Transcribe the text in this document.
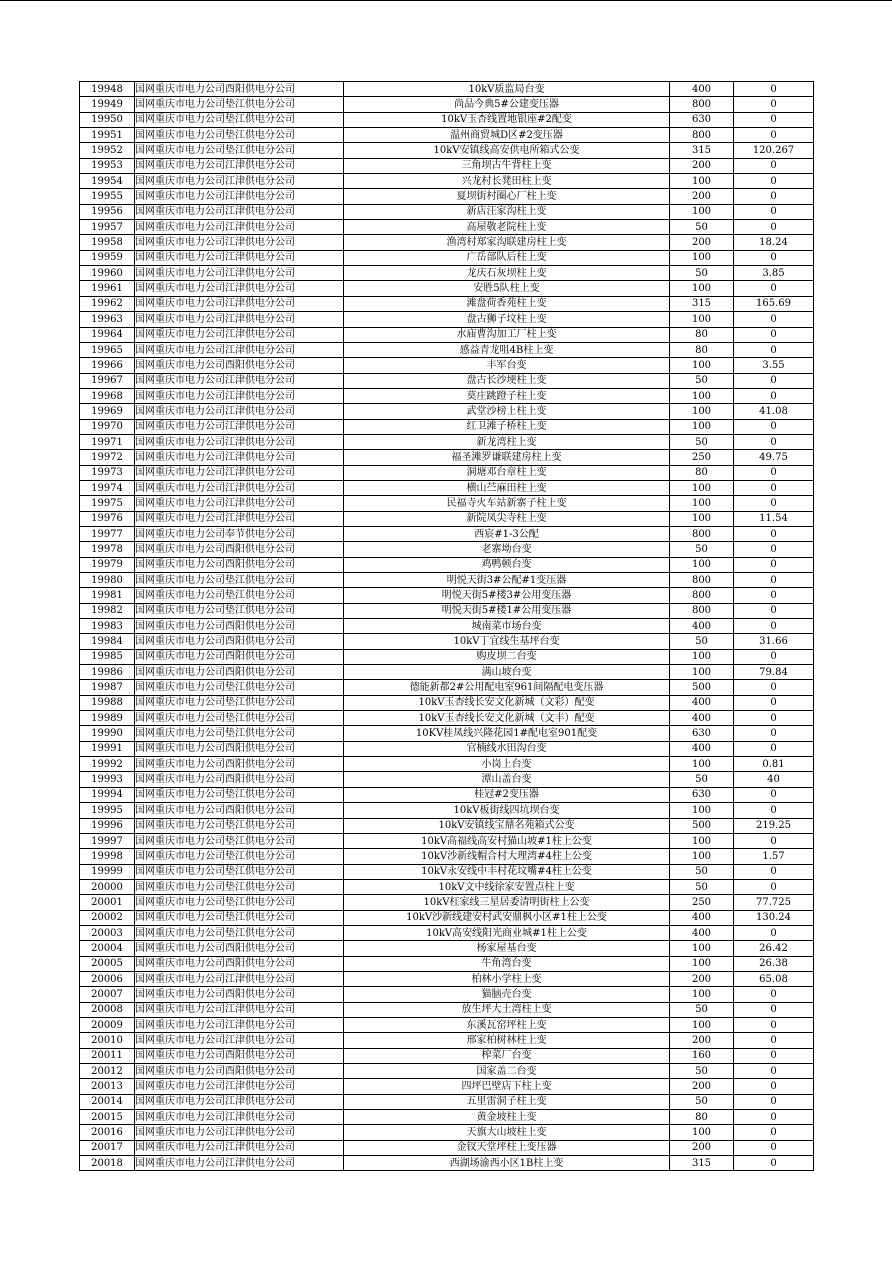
19948	国网重庆市电力公司酉阳供电分公司	10kV质监局台变	400	0
19949	国网重庆市电力公司垫江供电分公司	尚品今典5#公建变压器	800	0
19950	国网重庆市电力公司垫江供电分公司	10kV玉杏线置地银座#2配变	630	0
19951	国网重庆市电力公司垫江供电分公司	温州商贸城D区#2变压器	800	0
19952	国网重庆市电力公司垫江供电分公司	10kV安镇线高安供电所箱式公变	315	120.267
19953	国网重庆市电力公司江津供电分公司	三角坝古牛背柱上变	200	0
19954	国网重庆市电力公司江津供电分公司	兴龙村长凳田柱上变	100	0
19955	国网重庆市电力公司江津供电分公司	夏坝街村圈心厂柱上变	200	0
19956	国网重庆市电力公司江津供电分公司	新店汪家沟柱上变	100	0
19957	国网重庆市电力公司江津供电分公司	高屋敬老院柱上变	50	0
19958	国网重庆市电力公司江津供电分公司	渔湾村郑家沟联建房柱上变	200	18.24
19959	国网重庆市电力公司江津供电分公司	广岳部队后柱上变	100	0
19960	国网重庆市电力公司江津供电分公司	龙庆石灰坝柱上变	50	3.85
19961	国网重庆市电力公司江津供电分公司	安胜5队柱上变	100	0
19962	国网重庆市电力公司江津供电分公司	滩盘荷香苑柱上变	315	165.69
19963	国网重庆市电力公司江津供电分公司	盘古狮子坟柱上变	100	0
19964	国网重庆市电力公司江津供电分公司	水庙曹沟加工厂柱上变	80	0
19965	国网重庆市电力公司江津供电分公司	感益青龙咀4B柱上变	80	0
19966	国网重庆市电力公司酉阳供电分公司	丰军台变	100	3.55
19967	国网重庆市电力公司江津供电分公司	盘古长沙埂柱上变	50	0
19968	国网重庆市电力公司江津供电分公司	莫庄跳蹬子柱上变	100	0
19969	国网重庆市电力公司江津供电分公司	武堂沙榜上柱上变	100	41.08
19970	国网重庆市电力公司江津供电分公司	红卫滩子桥柱上变	100	0
19971	国网重庆市电力公司江津供电分公司	新龙湾柱上变	50	0
19972	国网重庆市电力公司江津供电分公司	福圣滩罗谦联建房柱上变	250	49.75
19973	国网重庆市电力公司江津供电分公司	洞塘邓台章柱上变	80	0
19974	国网重庆市电力公司江津供电分公司	横山苎麻田柱上变	100	0
19975	国网重庆市电力公司江津供电分公司	民福寺火车站新寨子柱上变	100	0
19976	国网重庆市电力公司江津供电分公司	新院凤尖寺柱上变	100	11.54
19977	国网重庆市电力公司奉节供电分公司	西宸#1-3公配	800	0
19978	国网重庆市电力公司酉阳供电分公司	老寨坳台变	50	0
19979	国网重庆市电力公司酉阳供电分公司	鸡鸭顿台变	100	0
19980	国网重庆市电力公司垫江供电分公司	明悦天街3#公配#1变压器	800	0
19981	国网重庆市电力公司垫江供电分公司	明悦天街5#楼3#公用变压器	800	0
19982	国网重庆市电力公司垫江供电分公司	明悦天街5#楼1#公用变压器	800	0
19983	国网重庆市电力公司酉阳供电分公司	城南菜市场台变	400	0
19984	国网重庆市电力公司酉阳供电分公司	10kV丁宜线生基坪台变	50	31.66
19985	国网重庆市电力公司酉阳供电分公司	购皮坝二台变	100	0
19986	国网重庆市电力公司酉阳供电分公司	满山坡台变	100	79.84
19987	国网重庆市电力公司垫江供电分公司	德能新都2#公用配电室961间隔配电变压器	500	0
19988	国网重庆市电力公司垫江供电分公司	10kV玉杏线长安文化新城（文彩）配变	400	0
19989	国网重庆市电力公司垫江供电分公司	10kV玉杏线长安文化新城（文丰）配变	400	0
19990	国网重庆市电力公司垫江供电分公司	10KV桂凤线兴隆花园1#配电室901配变	630	0
19991	国网重庆市电力公司酉阳供电分公司	官楠线水田沟台变	400	0
19992	国网重庆市电力公司酉阳供电分公司	小岗上台变	100	0.81
19993	国网重庆市电力公司酉阳供电分公司	潭山盖台变	50	40
19994	国网重庆市电力公司垫江供电分公司	桂冠#2变压器	630	0
19995	国网重庆市电力公司酉阳供电分公司	10kV板街线四坑坝台变	100	0
19996	国网重庆市电力公司垫江供电分公司	10kV安镇线宝鼎名苑箱式公变	500	219.25
19997	国网重庆市电力公司垫江供电分公司	10kV高福线高安村猫山坡#1柱上公变	100	0
19998	国网重庆市电力公司垫江供电分公司	10kV沙新线帽合村大理湾#4柱上公变	100	1.57
19999	国网重庆市电力公司垫江供电分公司	10kV永安线中丰村花坟嘴#4柱上公变	50	0
20000	国网重庆市电力公司垫江供电分公司	10kV文中线徐家安置点柱上变	50	0
20001	国网重庆市电力公司垫江供电分公司	10kV杠家线三星居委清明街柱上公变	250	77.725
20002	国网重庆市电力公司垫江供电分公司	10kV沙新线建安村武安鼎枫小区#1柱上公变	400	130.24
20003	国网重庆市电力公司垫江供电分公司	10kV高安线阳光商业城#1柱上公变	400	0
20004	国网重庆市电力公司酉阳供电分公司	杨家屋基台变	100	26.42
20005	国网重庆市电力公司酉阳供电分公司	牛角湾台变	100	26.38
20006	国网重庆市电力公司江津供电分公司	柏林小学柱上变	200	65.08
20007	国网重庆市电力公司酉阳供电分公司	猫脑壳台变	100	0
20008	国网重庆市电力公司江津供电分公司	放生坪大土湾柱上变	50	0
20009	国网重庆市电力公司江津供电分公司	东溪瓦窑坪柱上变	100	0
20010	国网重庆市电力公司江津供电分公司	邢家柏树林柱上变	200	0
20011	国网重庆市电力公司酉阳供电分公司	榨菜厂台变	160	0
20012	国网重庆市电力公司酉阳供电分公司	国家盖二台变	50	0
20013	国网重庆市电力公司江津供电分公司	四坪巴壁店下柱上变	200	0
20014	国网重庆市电力公司江津供电分公司	五里雷洞子柱上变	50	0
20015	国网重庆市电力公司江津供电分公司	黄金坡柱上变	80	0
20016	国网重庆市电力公司江津供电分公司	天旗大山坡柱上变	100	0
20017	国网重庆市电力公司江津供电分公司	金钗天堂坪柱上变压器	200	0
20018	国网重庆市电力公司江津供电分公司	西湖场渝西小区1B柱上变	315	0
